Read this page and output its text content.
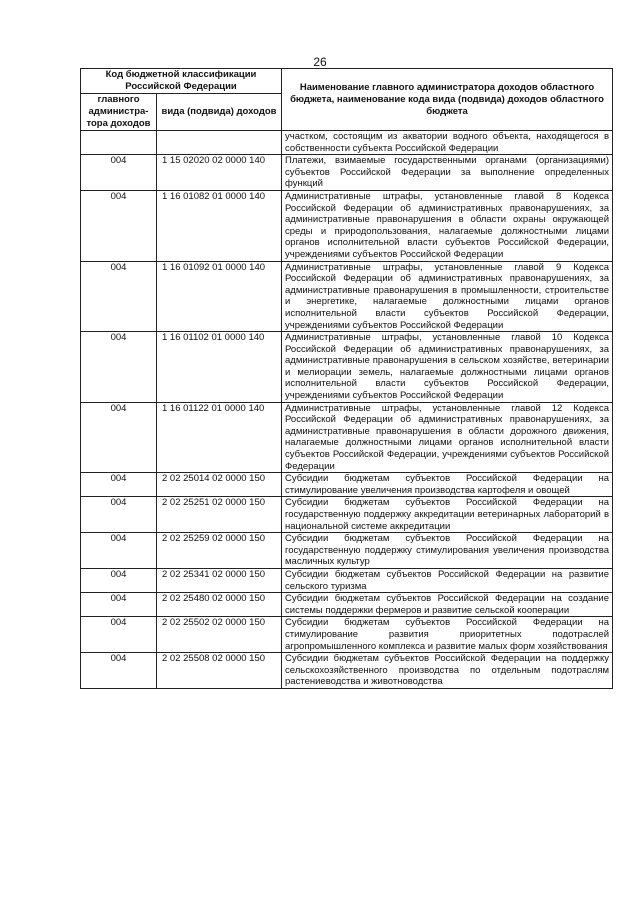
26
Код бюджетной классификации Российской Федерации		Наименование главного администратора доходов областного бюджета, наименование кода вида (подвида) доходов областного бюджета
главного администра-тора доходов	вида (подвида) доходов	
		участком, состоящим из акватории водного объекта, находящегося в собственности субъекта Российской Федерации
004	1 15 02020 02 0000 140	Платежи, взимаемые государственными органами (организациями) субъектов Российской Федерации за выполнение определенных функций
004	1 16 01082 01 0000 140	Административные штрафы, установленные главой 8 Кодекса Российской Федерации об административных правонарушениях, за административные правонарушения в области охраны окружающей среды и природопользования, налагаемые должностными лицами органов исполнительной власти субъектов Российской Федерации, учреждениями субъектов Российской Федерации
004	1 16 01092 01 0000 140	Административные штрафы, установленные главой 9 Кодекса Российской Федерации об административных правонарушениях, за административные правонарушения в промышленности, строительстве и энергетике, налагаемые должностными лицами органов исполнительной власти субъектов Российской Федерации, учреждениями субъектов Российской Федерации
004	1 16 01102 01 0000 140	Административные штрафы, установленные главой 10 Кодекса Российской Федерации об административных правонарушениях, за административные правонарушения в сельском хозяйстве, ветеринарии и мелиорации земель, налагаемые должностными лицами органов исполнительной власти субъектов Российской Федерации, учреждениями субъектов Российской Федерации
004	1 16 01122 01 0000 140	Административные штрафы, установленные главой 12 Кодекса Российской Федерации об административных правонарушениях, за административные правонарушения в области дорожного движения, налагаемые должностными лицами органов исполнительной власти субъектов Российской Федерации, учреждениями субъектов Российской Федерации
004	2 02 25014 02 0000 150	Субсидии бюджетам субъектов Российской Федерации на стимулирование увеличения производства картофеля и овощей
004	2 02 25251 02 0000 150	Субсидии бюджетам субъектов Российской Федерации на государственную поддержку аккредитации ветеринарных лабораторий в национальной системе аккредитации
004	2 02 25259 02 0000 150	Субсидии бюджетам субъектов Российской Федерации на государственную поддержку стимулирования увеличения производства масличных культур
004	2 02 25341 02 0000 150	Субсидии бюджетам субъектов Российской Федерации на развитие сельского туризма
004	2 02 25480 02 0000 150	Субсидии бюджетам субъектов Российской Федерации на создание системы поддержки фермеров и развитие сельской кооперации
004	2 02 25502 02 0000 150	Субсидии бюджетам субъектов Российской Федерации на стимулирование развития приоритетных подотраслей агропромышленного комплекса и развитие малых форм хозяйствования
004	2 02 25508 02 0000 150	Субсидии бюджетам субъектов Российской Федерации на поддержку сельскохозяйственного производства по отдельным подотраслям растениеводства и животноводства
